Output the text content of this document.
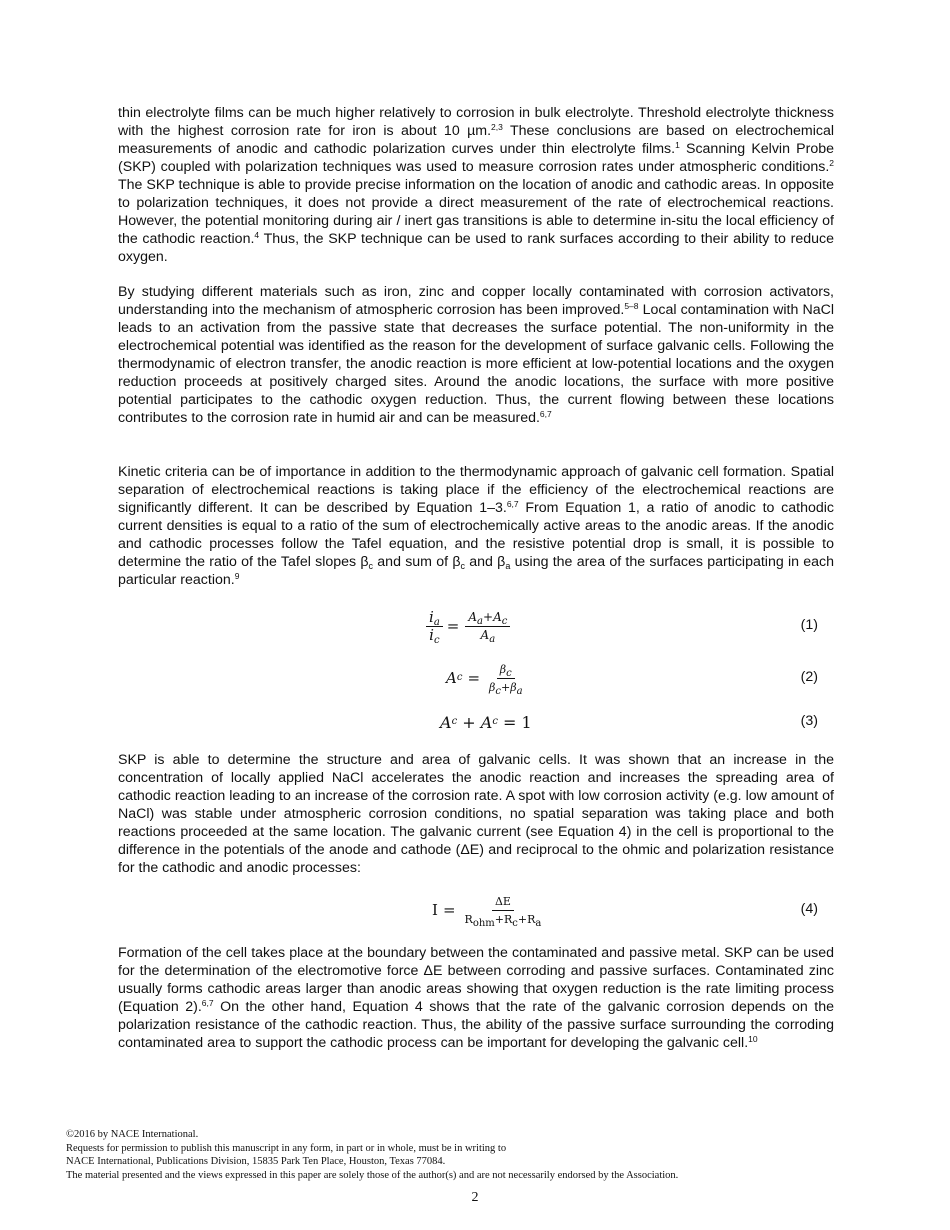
thin electrolyte films can be much higher relatively to corrosion in bulk electrolyte. Threshold electrolyte thickness with the highest corrosion rate for iron is about 10 µm.$^{2,3}$ These conclusions are based on electrochemical measurements of anodic and cathodic polarization curves under thin electrolyte films.$^1$ Scanning Kelvin Probe (SKP) coupled with polarization techniques was used to measure corrosion rates under atmospheric conditions.$^2$ The SKP technique is able to provide precise information on the location of anodic and cathodic areas. In opposite to polarization techniques, it does not provide a direct measurement of the rate of electrochemical reactions. However, the potential monitoring during air / inert gas transitions is able to determine in-situ the local efficiency of the cathodic reaction.$^4$ Thus, the SKP technique can be used to rank surfaces according to their ability to reduce oxygen.

By studying different materials such as iron, zinc and copper locally contaminated with corrosion activators, understanding into the mechanism of atmospheric corrosion has been improved.$^{5-8}$ Local contamination with NaCl leads to an activation from the passive state that decreases the surface potential. The non-uniformity in the electrochemical potential was identified as the reason for the development of surface galvanic cells. Following the thermodynamic of electron transfer, the anodic reaction is more efficient at low-potential locations and the oxygen reduction proceeds at positively charged sites. Around the anodic locations, the surface with more positive potential participates to the cathodic oxygen reduction. Thus, the current flowing between these locations contributes to the corrosion rate in humid air and can be measured.$^{6,7}$

Kinetic criteria can be of importance in addition to the thermodynamic approach of galvanic cell formation. Spatial separation of electrochemical reactions is taking place if the efficiency of the electrochemical reactions are significantly different. It can be described by Equation 1–3.$^{6,7}$ From Equation 1, a ratio of anodic to cathodic current densities is equal to a ratio of the sum of electrochemically active areas to the anodic areas. If the anodic and cathodic processes follow the Tafel equation, and the resistive potential drop is small, it is possible to determine the ratio of the Tafel slopes $\beta_c$ and sum of $\beta_c$ and $\beta_a$ using the area of the surfaces participating in each particular reaction.$^9$

$\frac{i_a}{i_c} = \frac{A_a+A_c}{A_a}$	(1)
A $c = \frac{\beta_c}{\beta_c+\beta_a}$	(2)
A c + A c = 1	(3)

SKP is able to determine the structure and area of galvanic cells. It was shown that an increase in the concentration of locally applied NaCl accelerates the anodic reaction and increases the spreading area of cathodic reaction leading to an increase of the corrosion rate. A spot with low corrosion activity (e.g. low amount of NaCl) was stable under atmospheric corrosion conditions, no spatial separation was taking place and both reactions proceeded at the same location. The galvanic current (see Equation 4) in the cell is proportional to the difference in the potentials of the anode and cathode (ΔE) and reciprocal to the ohmic and polarization resistance for the cathodic and anodic processes:

$I = \frac{\Delta E}{R_{ohm}+R_c+R_a}$	(4)

Formation of the cell takes place at the boundary between the contaminated and passive metal. SKP can be used for the determination of the electromotive force ΔE between corroding and passive surfaces. Contaminated zinc usually forms cathodic areas larger than anodic areas showing that oxygen reduction is the rate limiting process (Equation 2).$^{6,7}$ On the other hand, Equation 4 shows that the rate of the galvanic corrosion depends on the polarization resistance of the cathodic reaction. Thus, the ability of the passive surface surrounding the corroding contaminated area to support the cathodic process can be important for developing the galvanic cell.$^{10}$

©2016 by NACE International.
Requests for permission to publish this manuscript in any form, in part or in whole, must be in writing to
NACE International, Publications Division, 15835 Park Ten Place, Houston, Texas 77084.
The material presented and the views expressed in this paper are solely those of the author(s) and are not necessarily endorsed by the Association.
2
